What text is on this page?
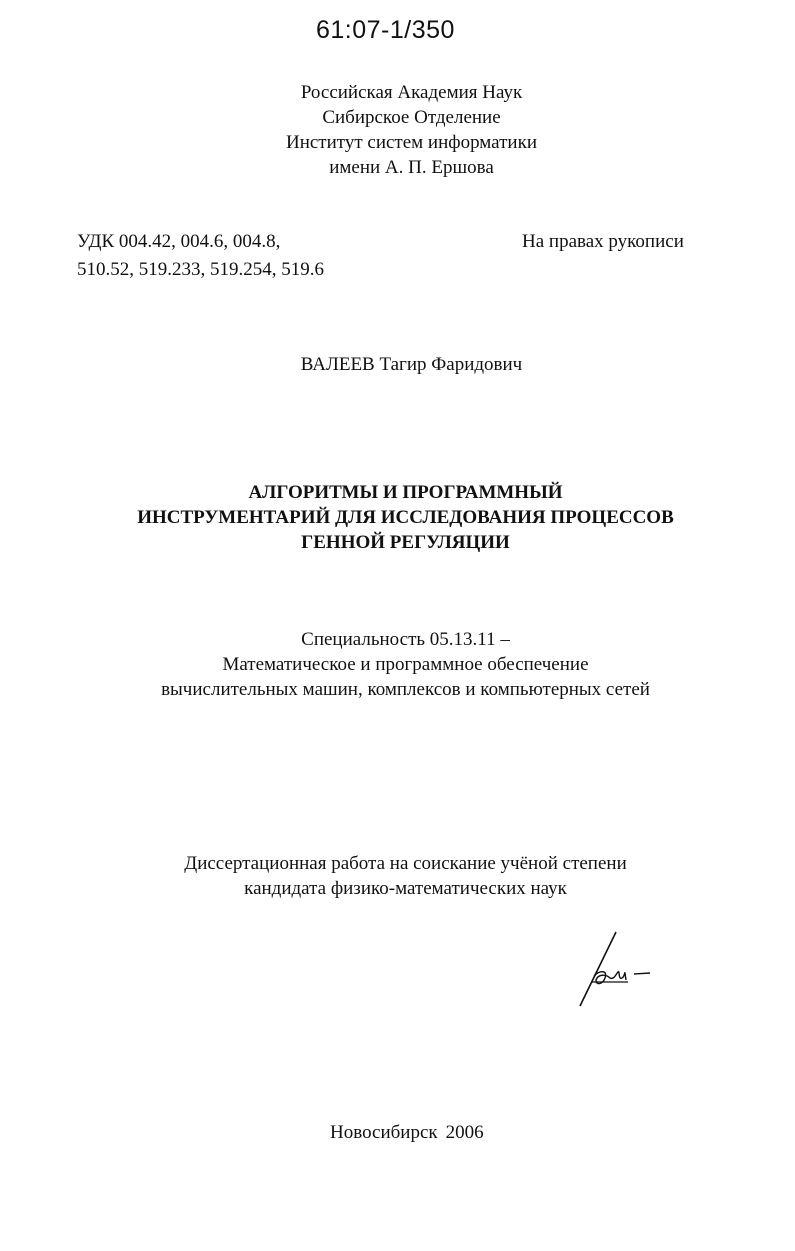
61:07-1/350
Российская Академия Наук
Сибирское Отделение
Институт систем информатики
имени А. П. Ершова
УДК 004.42, 004.6, 004.8,
510.52, 519.233, 519.254, 519.6
На правах рукописи
ВАЛЕЕВ Тагир Фаридович
АЛГОРИТМЫ И ПРОГРАММНЫЙ
ИНСТРУМЕНТАРИЙ ДЛЯ ИССЛЕДОВАНИЯ ПРОЦЕССОВ
ГЕННОЙ РЕГУЛЯЦИИ
Специальность 05.13.11 –
Математическое и программное обеспечение
вычислительных машин, комплексов и компьютерных сетей
Диссертационная работа на соискание учёной степени
кандидата физико-математических наук
Новосибирск 2006
